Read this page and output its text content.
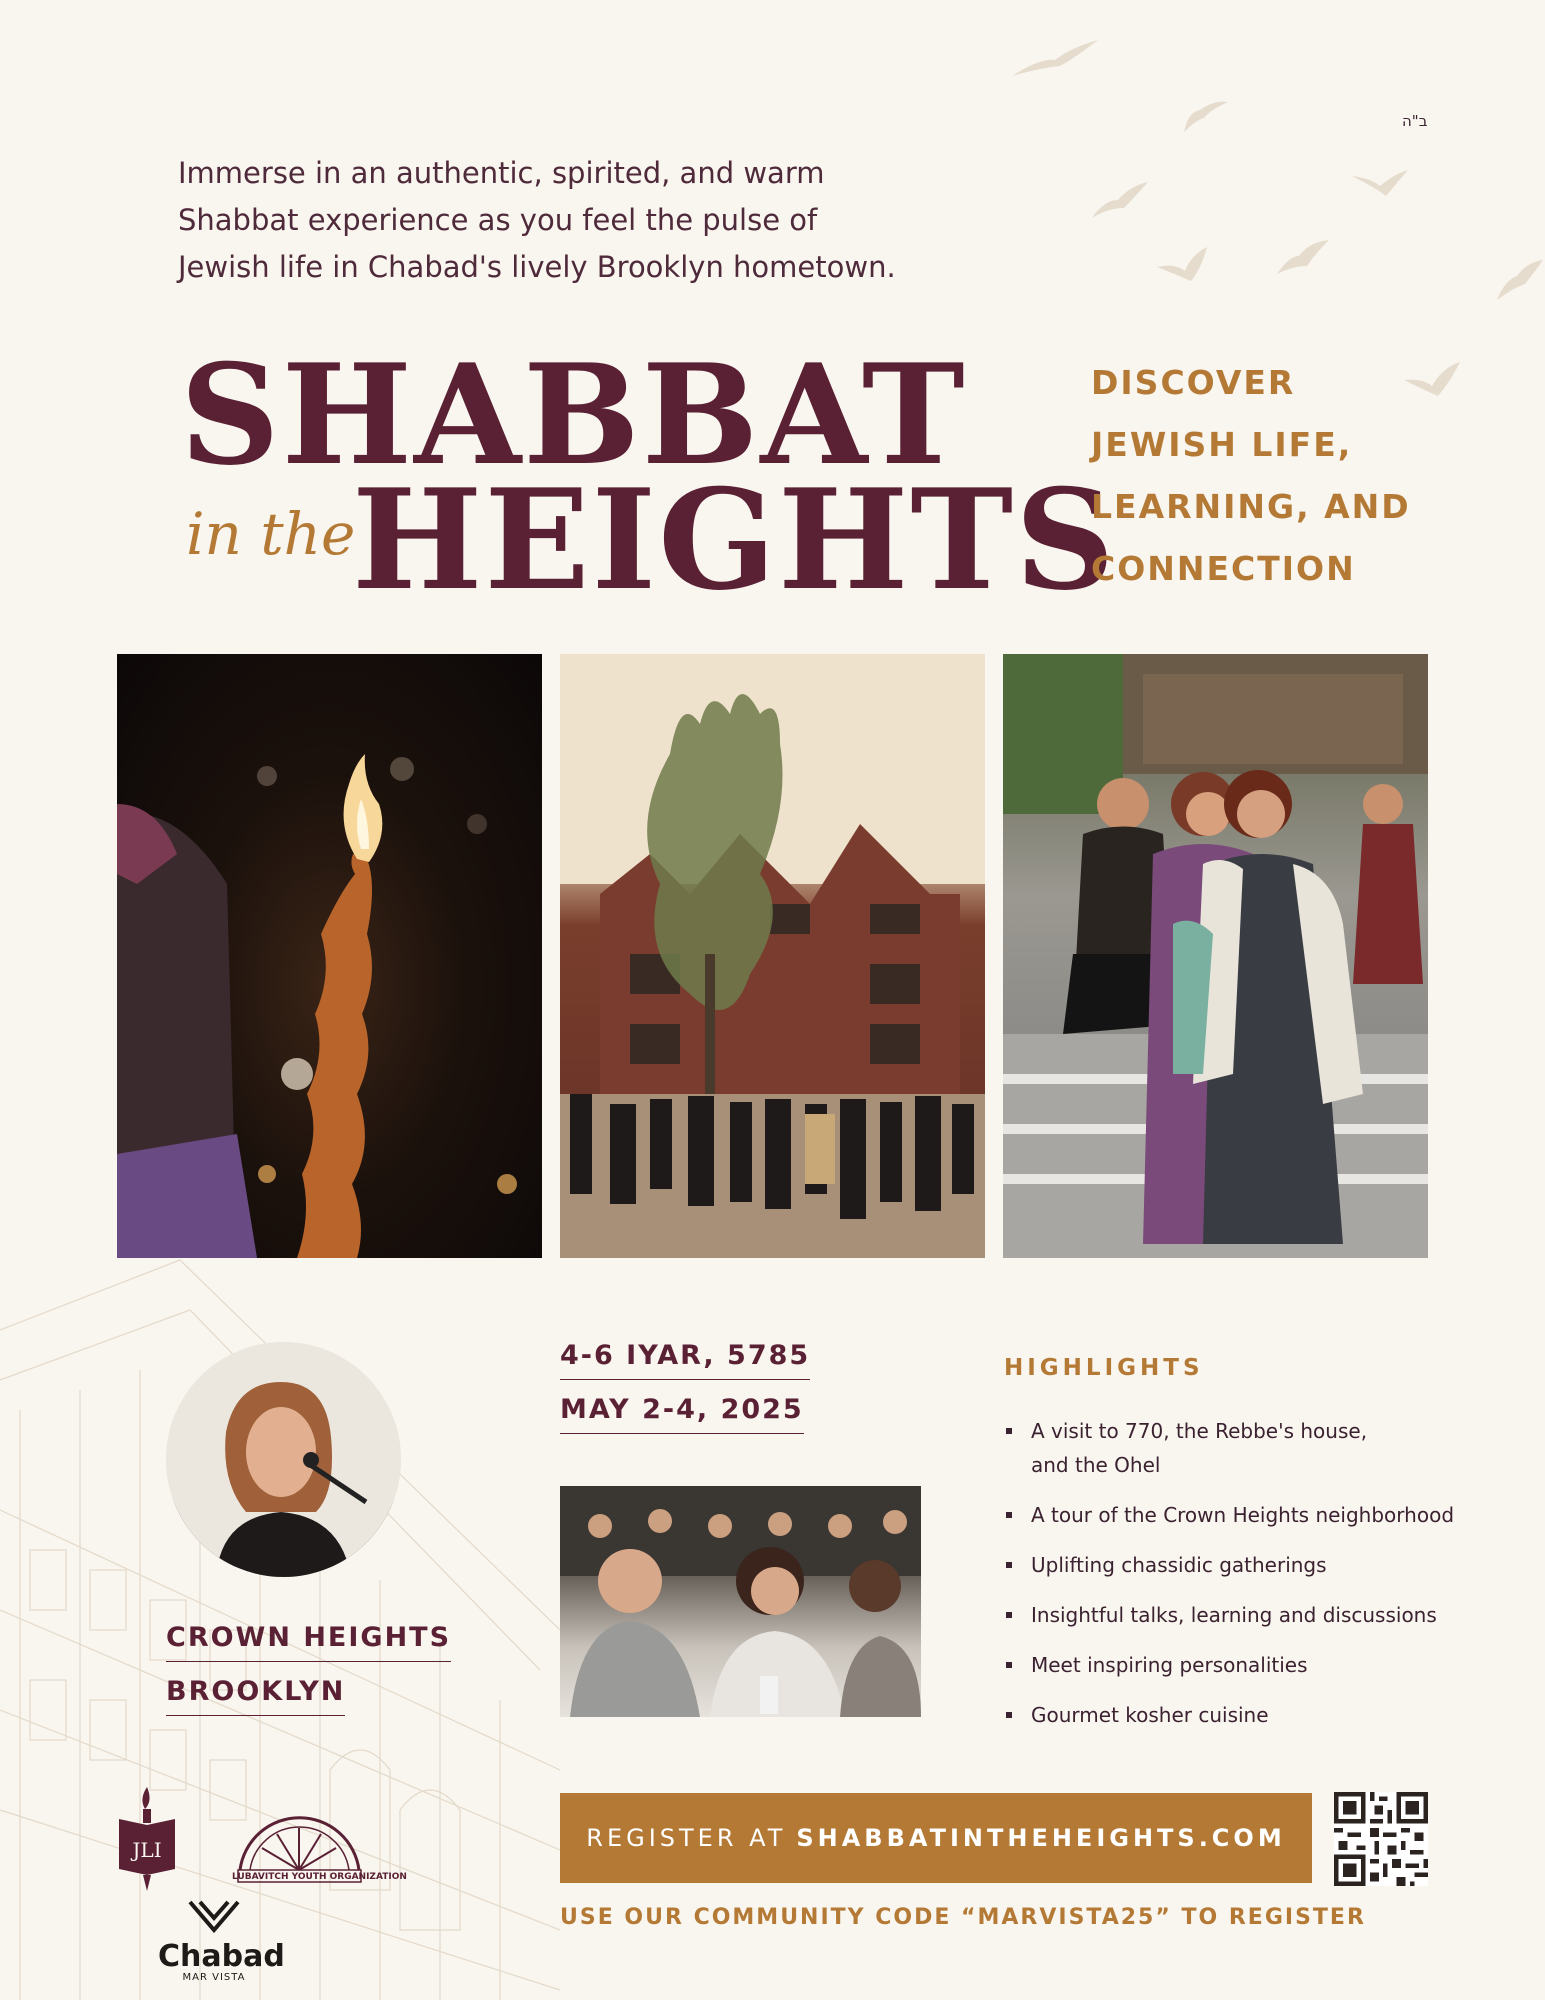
ב"ה

Immerse in an authentic, spirited, and warm

Shabbat experience as you feel the pulse of

Jewish life in Chabad's lively Brooklyn hometown.

SHABBAT
in the
HEIGHTS
DISCOVER
JEWISH LIFE,
LEARNING, AND
CONNECTION
CROWN HEIGHTS
BROOKLYN
4-6 IYAR, 5785
MAY 2-4, 2025
HIGHLIGHTS
A visit to 770, the Rebbe's house,
and the Ohel
A tour of the Crown Heights neighborhood
Uplifting chassidic gatherings
Insightful talks, learning and discussions
Meet inspiring personalities
Gourmet kosher cuisine
REGISTER AT SHABBATINTHEHEIGHTS.COM
USE OUR COMMUNITY CODE “MARVISTA25” TO REGISTER
JLI
LUBAVITCH YOUTH ORGANIZATION
Chabad
MAR VISTA
